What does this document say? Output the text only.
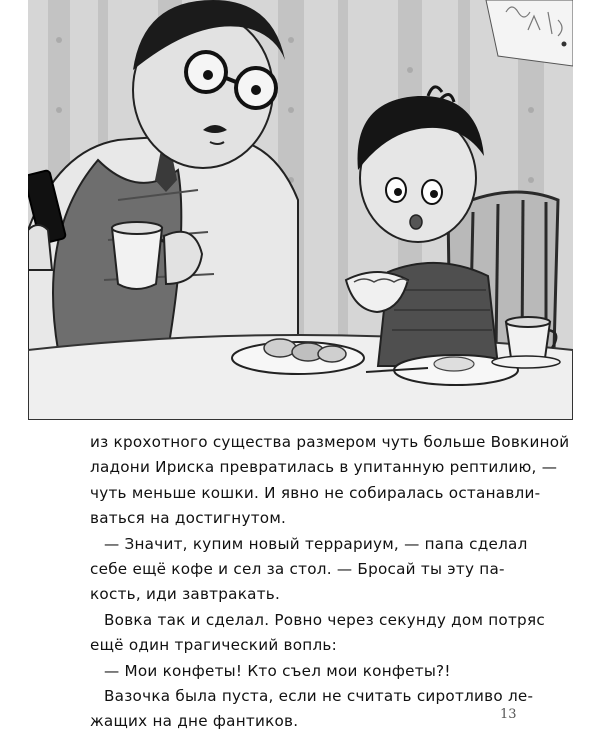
из крохотного существа размером чуть больше Вовкиной
ладони Ириска превратилась в упитанную рептилию, —
чуть меньше кошки. И явно не собиралась останавли-
ваться на достигнутом.
— Значит, купим новый террариум, — папа сделал
себе ещё кофе и сел за стол. — Бросай ты эту па-
кость, иди завтракать.
Вовка так и сделал. Ровно через секунду дом потряс
ещё один трагический вопль:
— Мои конфеты! Кто съел мои конфеты?!
Вазочка была пуста, если не считать сиротливо ле-
жащих на дне фантиков.	13
